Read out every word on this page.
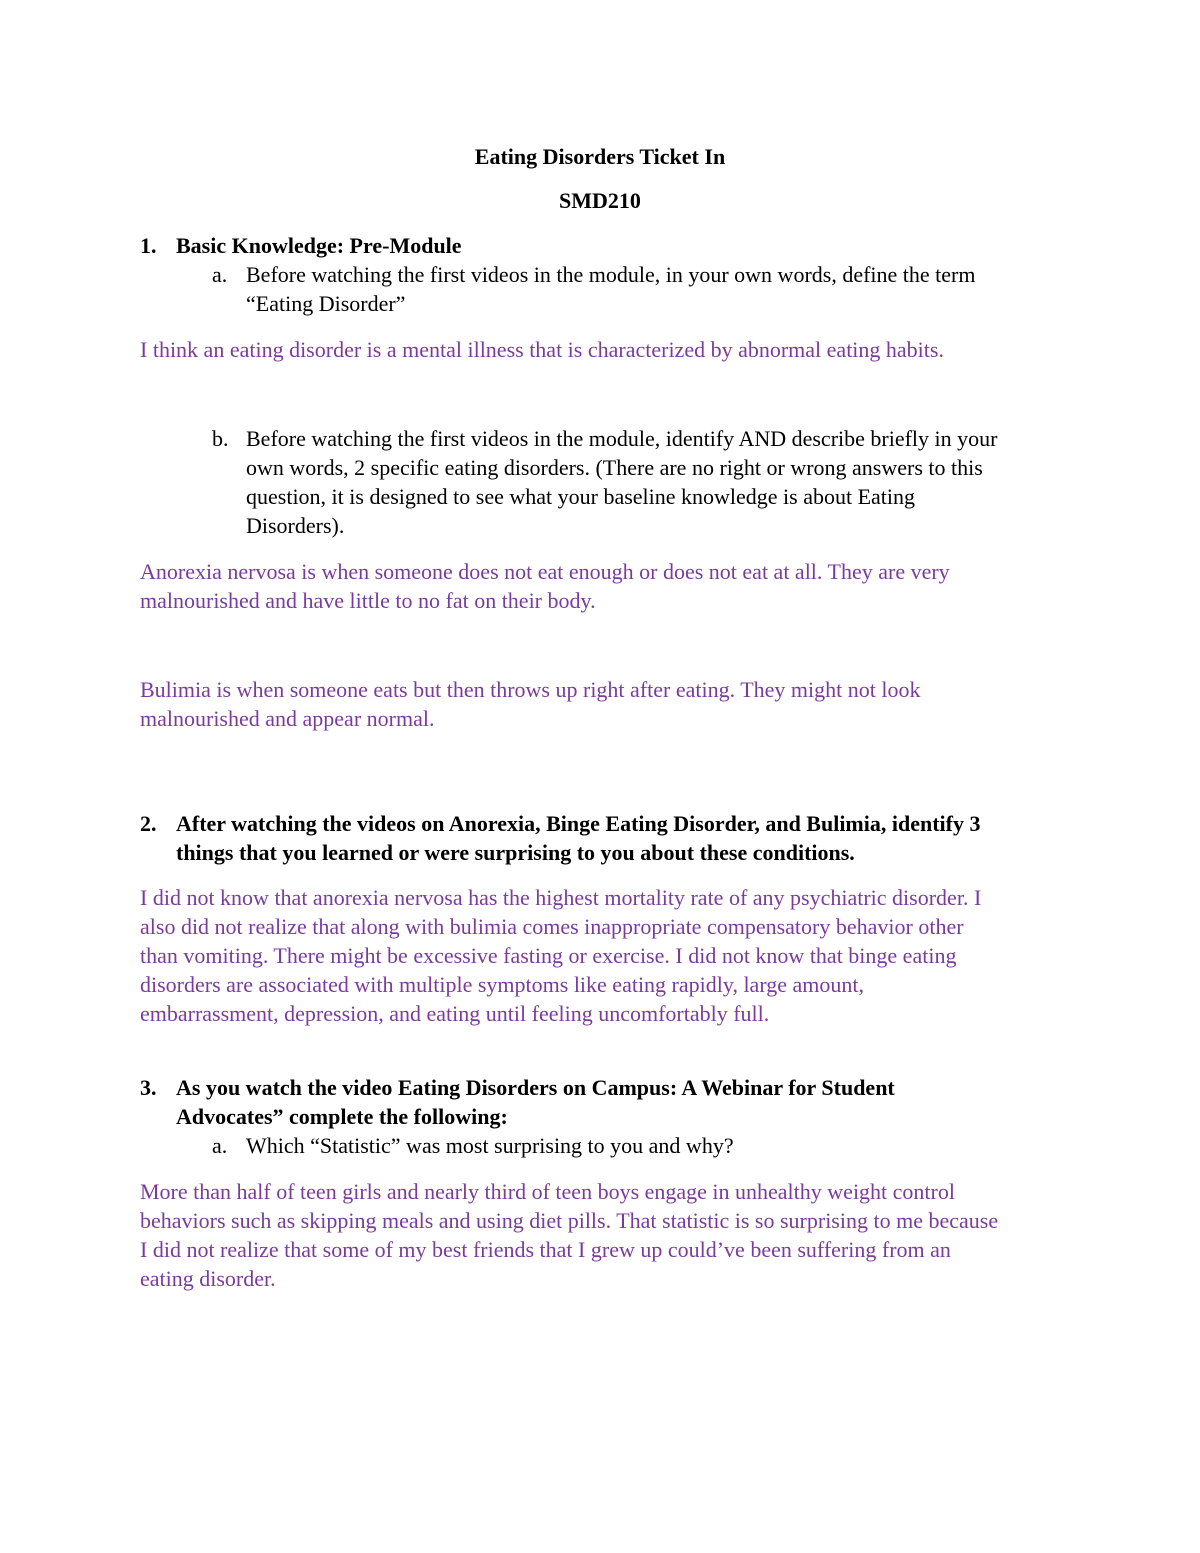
Eating Disorders Ticket In

SMD210

1. Basic Knowledge: Pre-Module

a. Before watching the first videos in the module, in your own words, define the term

“Eating Disorder”

I think an eating disorder is a mental illness that is characterized by abnormal eating habits.

b. Before watching the first videos in the module, identify AND describe briefly in your

own words, 2 specific eating disorders. (There are no right or wrong answers to this

question, it is designed to see what your baseline knowledge is about Eating

Disorders).

Anorexia nervosa is when someone does not eat enough or does not eat at all. They are very

malnourished and have little to no fat on their body.

Bulimia is when someone eats but then throws up right after eating. They might not look

malnourished and appear normal.

2. After watching the videos on Anorexia, Binge Eating Disorder, and Bulimia, identify 3

things that you learned or were surprising to you about these conditions.

I did not know that anorexia nervosa has the highest mortality rate of any psychiatric disorder. I

also did not realize that along with bulimia comes inappropriate compensatory behavior other

than vomiting. There might be excessive fasting or exercise. I did not know that binge eating

disorders are associated with multiple symptoms like eating rapidly, large amount,

embarrassment, depression, and eating until feeling uncomfortably full.

3. As you watch the video Eating Disorders on Campus: A Webinar for Student

Advocates” complete the following:

a. Which “Statistic” was most surprising to you and why?

More than half of teen girls and nearly third of teen boys engage in unhealthy weight control

behaviors such as skipping meals and using diet pills. That statistic is so surprising to me because

I did not realize that some of my best friends that I grew up could’ve been suffering from an

eating disorder.
